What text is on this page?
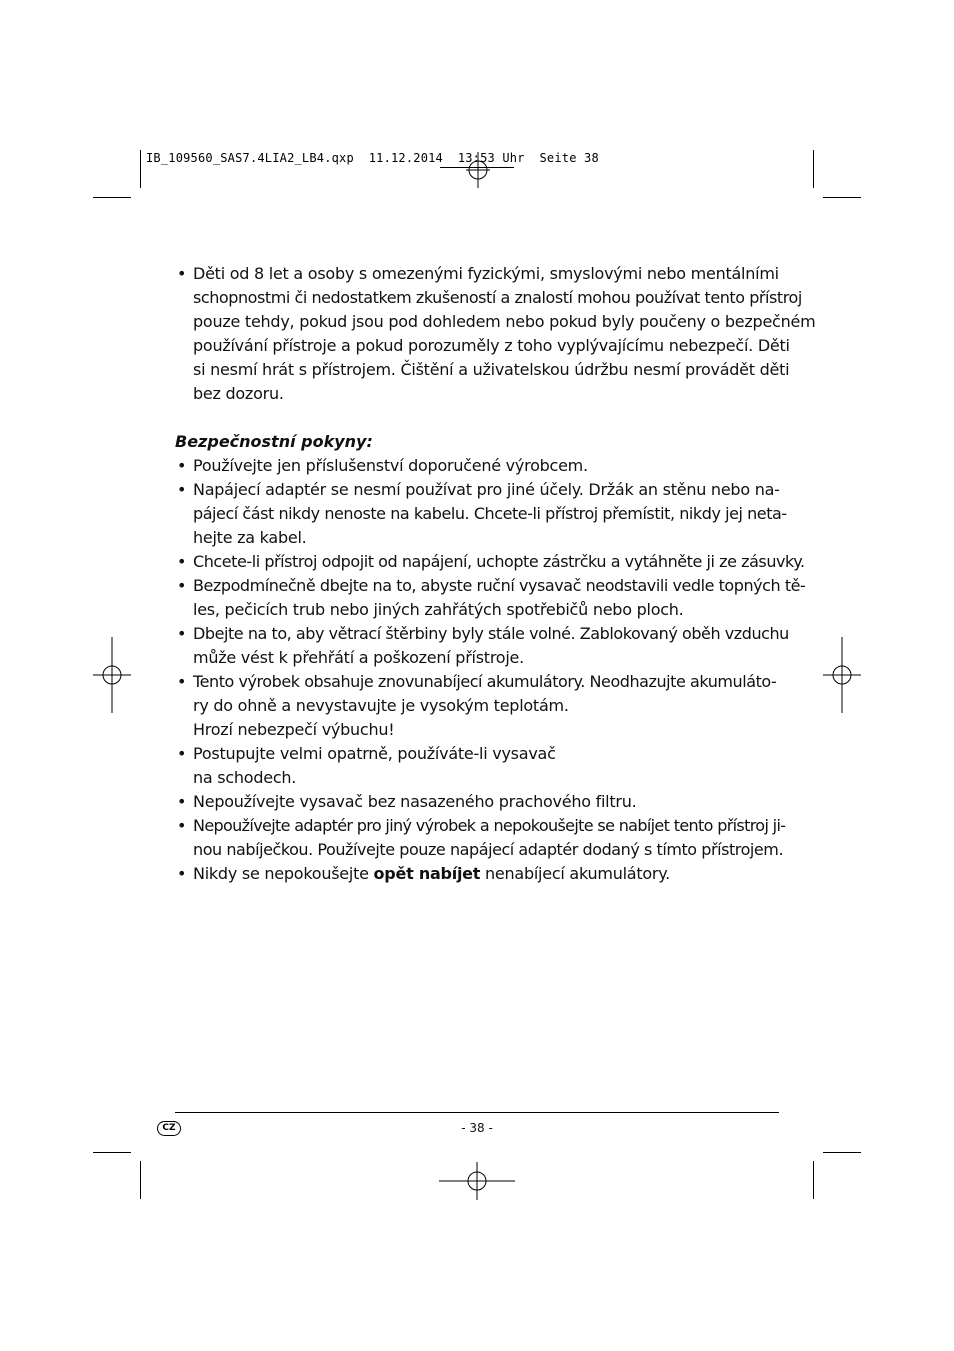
IB_109560_SAS7.4LIA2_LB4.qxp  11.12.2014  13:53 Uhr  Seite 38
• Děti od 8 let a osoby s omezenými fyzickými, smyslovými nebo mentálními
schopnostmi či nedostatkem zkušeností a znalostí mohou používat tento přístroj
pouze tehdy, pokud jsou pod dohledem nebo pokud byly poučeny o bezpečném
používání přístroje a pokud porozuměly z toho vyplývajícímu nebezpečí. Děti
si nesmí hrát s přístrojem. Čištění a uživatelskou údržbu nesmí provádět děti
bez dozoru.
Bezpečnostní pokyny:
• Používejte jen příslušenství doporučené výrobcem.
• Napájecí adaptér se nesmí používat pro jiné účely. Držák an stěnu nebo na-
pájecí část nikdy nenoste na kabelu. Chcete-li přístroj přemístit, nikdy jej neta-
hejte za kabel.
• Chcete-li přístroj odpojit od napájení, uchopte zástrčku a vytáhněte ji ze zásuvky.
• Bezpodmínečně dbejte na to, abyste ruční vysavač neodstavili vedle topných tě-
les, pečicích trub nebo jiných zahřátých spotřebičů nebo ploch.
• Dbejte na to, aby větrací štěrbiny byly stále volné. Zablokovaný oběh vzduchu
může vést k přehřátí a poškození přístroje.
• Tento výrobek obsahuje znovunabíjecí akumulátory. Neodhazujte akumuláto-
ry do ohně a nevystavujte je vysokým teplotám.
Hrozí nebezpečí výbuchu!
• Postupujte velmi opatrně, používáte-li vysavač
na schodech.
• Nepoužívejte vysavač bez nasazeného prachového filtru.
• Nepoužívejte adaptér pro jiný výrobek a nepokoušejte se nabíjet tento přístroj ji-
nou nabíječkou. Používejte pouze napájecí adaptér dodaný s tímto přístrojem.
• Nikdy se nepokoušejte opět nabíjet nenabíjecí akumulátory.
CZ	- 38 -
